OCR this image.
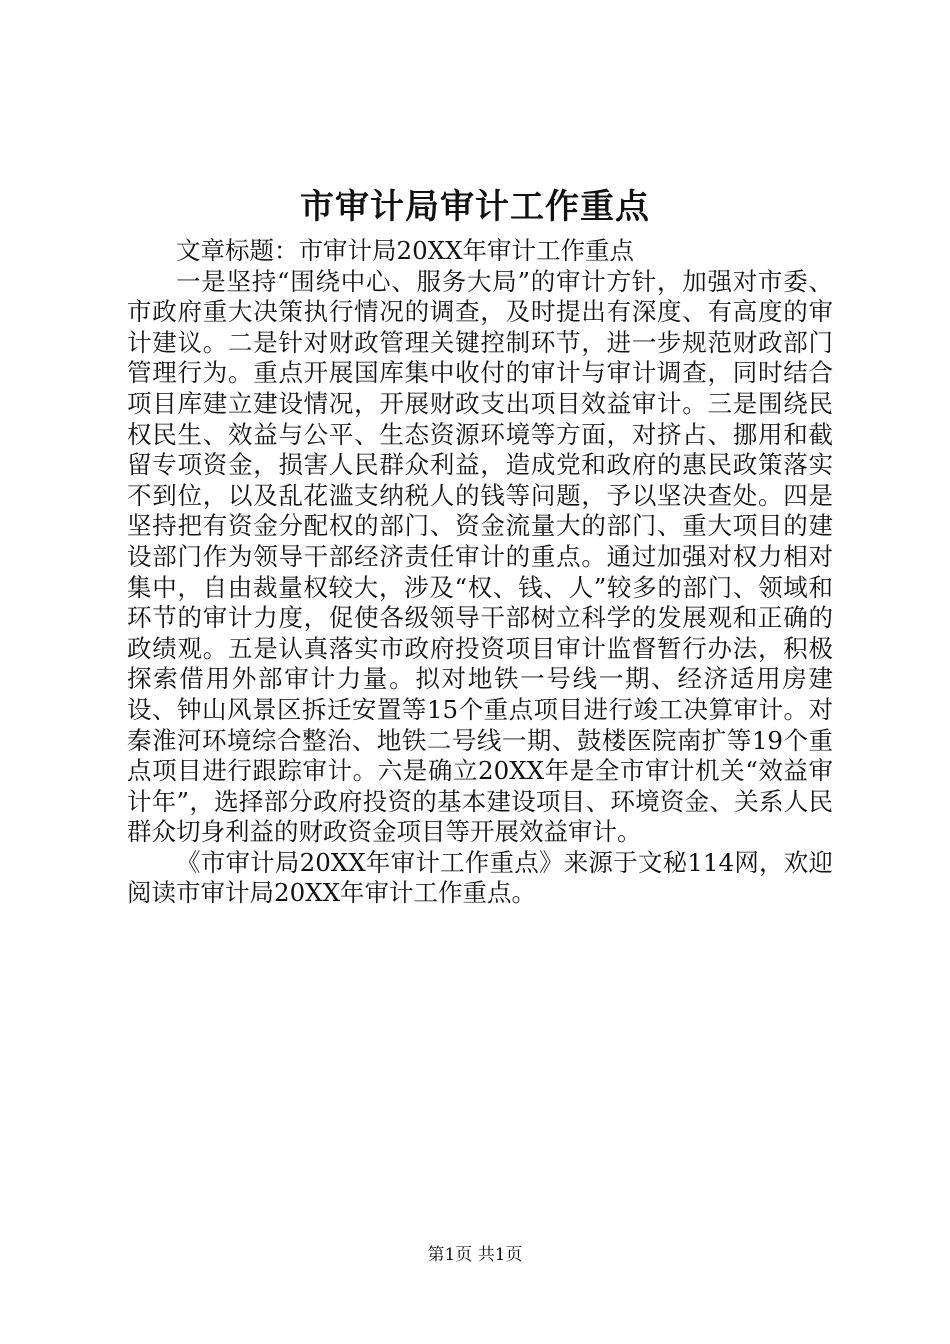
市审计局审计工作重点

文章标题：市审计局20XX年审计工作重点

一是坚持“围绕中心、服务大局”的审计方针，加强对市委、市政府重大决策执行情况的调查，及时提出有深度、有高度的审计建议。二是针对财政管理关键控制环节，进一步规范财政部门管理行为。重点开展国库集中收付的审计与审计调查，同时结合项目库建立建设情况，开展财政支出项目效益审计。三是围绕民权民生、效益与公平、生态资源环境等方面，对挤占、挪用和截留专项资金，损害人民群众利益，造成党和政府的惠民政策落实不到位，以及乱花滥支纳税人的钱等问题，予以坚决查处。四是坚持把有资金分配权的部门、资金流量大的部门、重大项目的建设部门作为领导干部经济责任审计的重点。通过加强对权力相对集中，自由裁量权较大，涉及“权、钱、人”较多的部门、领域和环节的审计力度，促使各级领导干部树立科学的发展观和正确的政绩观。五是认真落实市政府投资项目审计监督暂行办法，积极探索借用外部审计力量。拟对地铁一号线一期、经济适用房建设、钟山风景区拆迁安置等15个重点项目进行竣工决算审计。对秦淮河环境综合整治、地铁二号线一期、鼓楼医院南扩等19个重点项目进行跟踪审计。六是确立20XX年是全市审计机关“效益审计年”，选择部分政府投资的基本建设项目、环境资金、关系人民群众切身利益的财政资金项目等开展效益审计。

《市审计局20XX年审计工作重点》来源于文秘114网，欢迎阅读市审计局20XX年审计工作重点。

第1页 共1页
